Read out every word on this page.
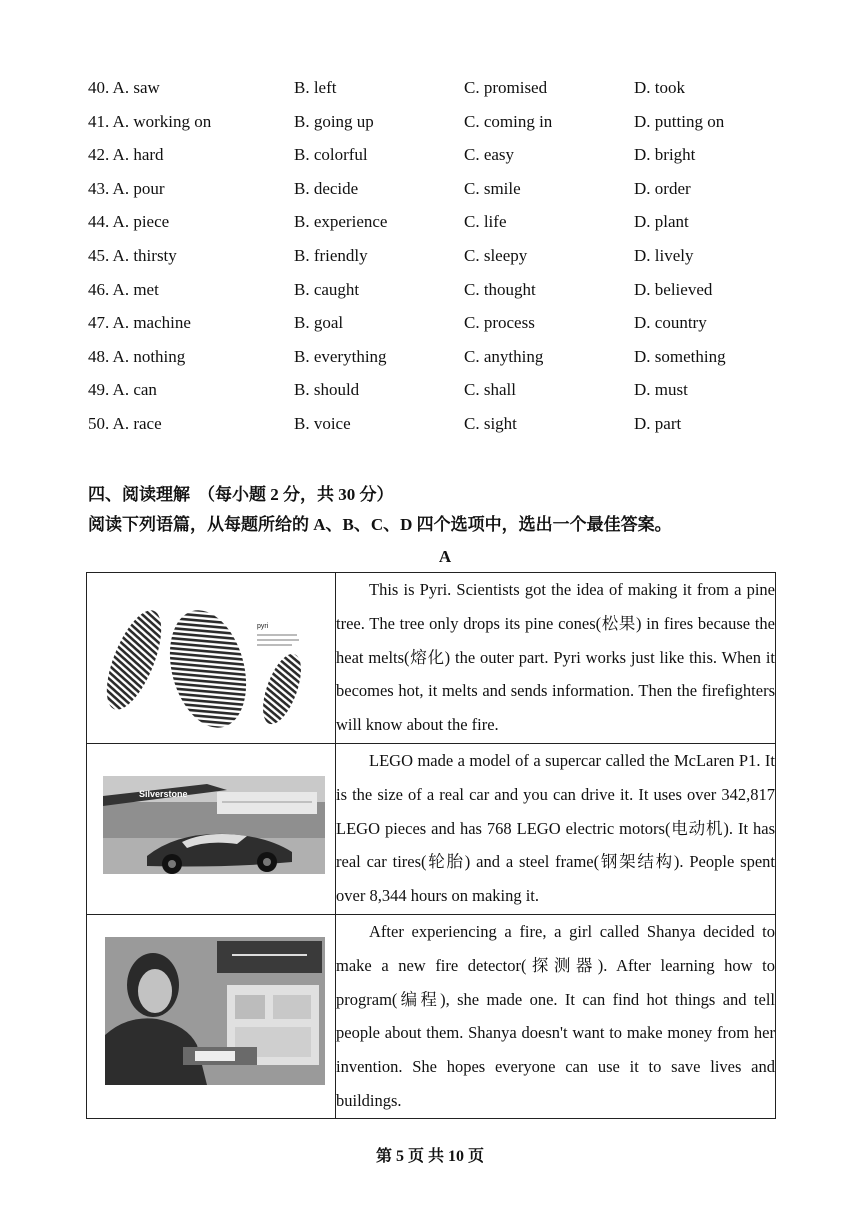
40. A. saw	B. left	C. promised	D. took
41. A. working on	B. going up	C. coming in	D. putting on
42. A. hard	B. colorful	C. easy	D. bright
43. A. pour	B. decide	C. smile	D. order
44. A. piece	B. experience	C. life	D. plant
45. A. thirsty	B. friendly	C. sleepy	D. lively
46. A. met	B. caught	C. thought	D. believed
47. A. machine	B. goal	C. process	D. country
48. A. nothing	B. everything	C. anything	D. something
49. A. can	B. should	C. shall	D. must
50. A. race	B. voice	C. sight	D. part
四、阅读理解 （每小题 2 分，共 30 分）
阅读下列语篇，从每题所给的 A、B、C、D 四个选项中，选出一个最佳答案。
A
pyri	This is Pyri. Scientists got the idea of making it from a pine tree. The tree only drops its pine cones(松果) in fires because the heat melts(熔化) the outer part. Pyri works just like this. When it becomes hot, it melts and sends information. Then the firefighters will know about the fire.

Silverstone	LEGO made a model of a supercar called the McLaren P1. It is the size of a real car and you can drive it. It uses over 342,817 LEGO pieces and has 768 LEGO electric motors(电动机). It has real car tires(轮胎) and a steel frame(钢架结构). People spent over 8,344 hours on making it.

After experiencing a fire, a girl called Shanya decided to make a new fire detector(探测器). After learning how to program(编程), she made one. It can find hot things and tell people about them. Shanya doesn't want to make money from her invention. She hopes everyone can use it to save lives and buildings.

第 5 页 共 10 页
